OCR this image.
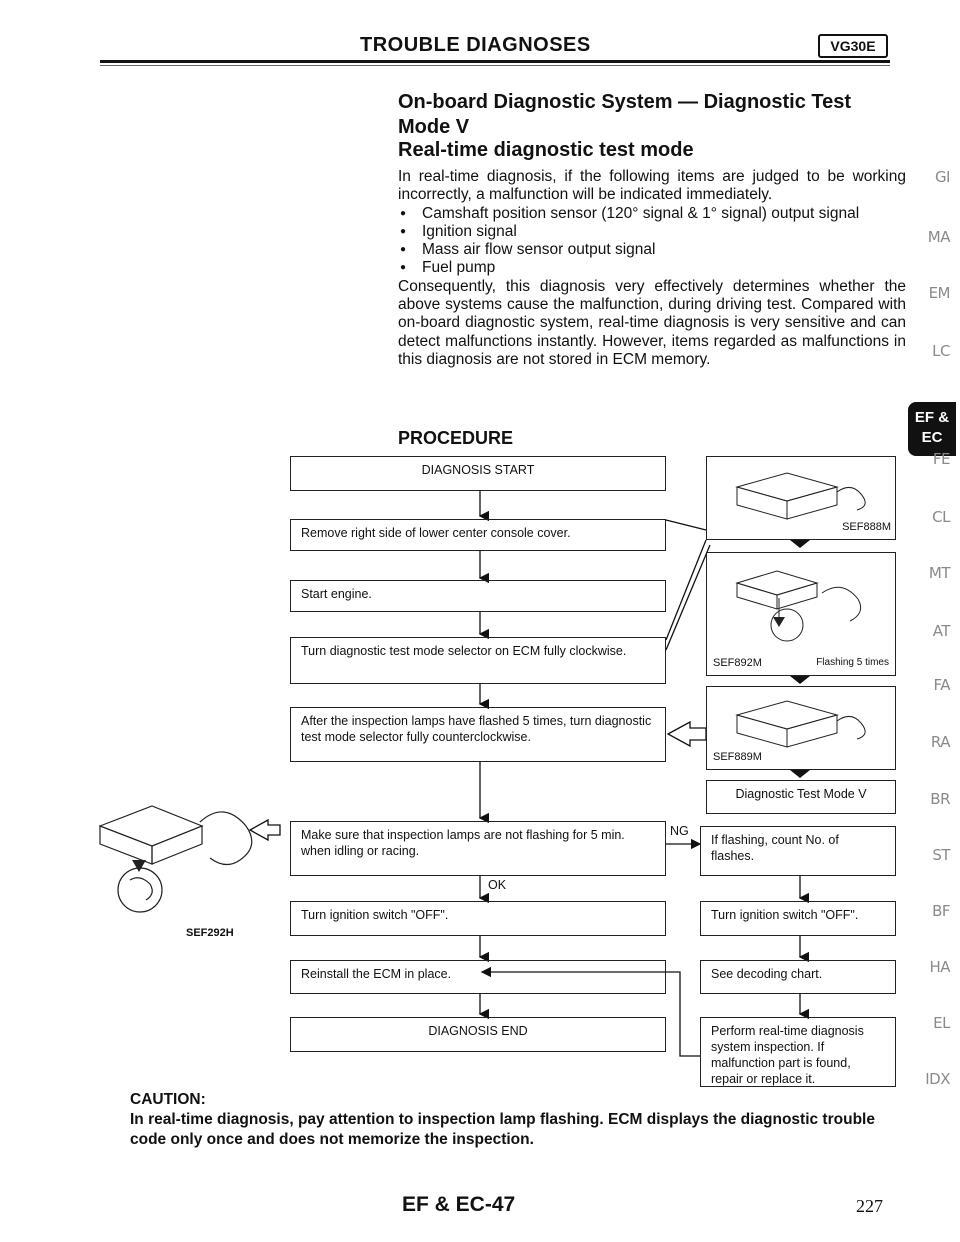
TROUBLE DIAGNOSES	VG30E
On-board Diagnostic System — Diagnostic Test
Mode V
Real-time diagnostic test mode

In real-time diagnosis, if the following items are judged to be working incorrectly, a malfunction will be indicated immediately.

● Camshaft position sensor (120° signal & 1° signal) output signal
● Ignition signal
● Mass air flow sensor output signal
● Fuel pump

Consequently, this diagnosis very effectively determines whether the above systems cause the malfunction, during driving test. Compared with on-board diagnostic system, real-time diagnosis is very sensitive and can detect malfunctions instantly. However, items regarded as malfunctions in this diagnosis are not stored in ECM memory.

PROCEDURE
DIAGNOSIS START
Remove right side of lower center console cover.
Start engine.
Turn diagnostic test mode selector on ECM fully clockwise.
After the inspection lamps have flashed 5 times, turn diagnostic test mode selector fully counterclockwise.
Make sure that inspection lamps are not flashing for 5 min. when idling or racing.
OK
NG
Turn ignition switch "OFF".
Reinstall the ECM in place.
DIAGNOSIS END
SEF888M
SEF892M	Flashing 5 times
SEF889M
Diagnostic Test Mode V
If flashing, count No. of flashes.
Turn ignition switch "OFF".
See decoding chart.
Perform real-time diagnosis system inspection. If malfunction part is found, repair or replace it.
SEF292H
GI
MA
EM
LC
EF &
EC
FE
CL
MT
AT
FA
RA
BR
ST
BF
HA
EL
IDX
CAUTION:
In real-time diagnosis, pay attention to inspection lamp flashing. ECM displays the diagnostic trouble code only once and does not memorize the inspection.
EF & EC-47	227
